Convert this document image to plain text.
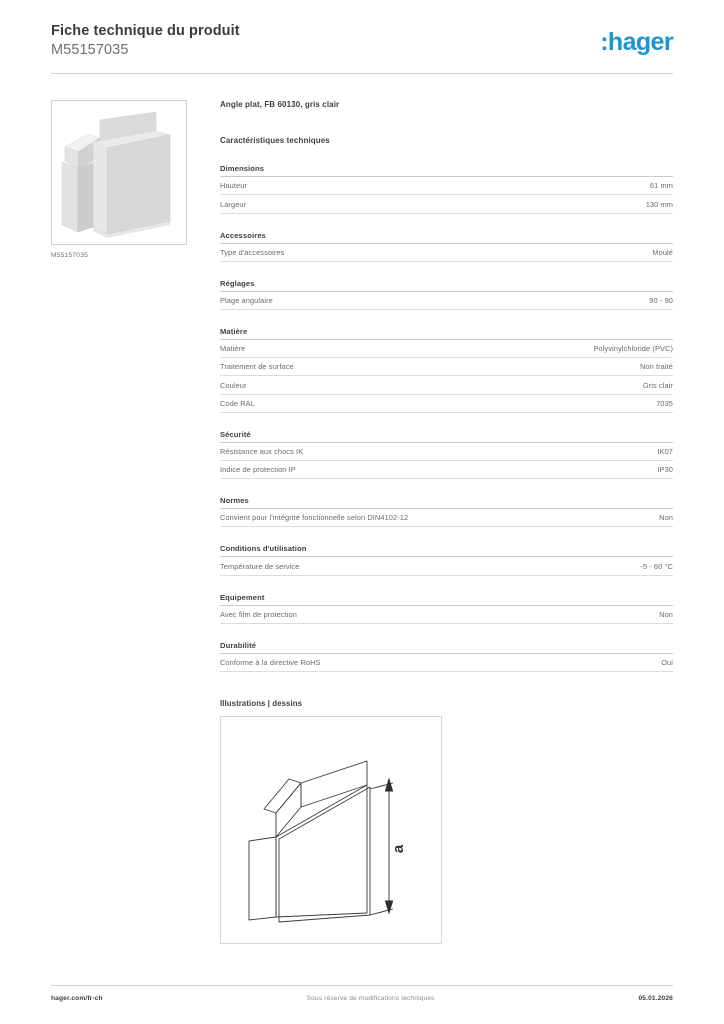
Fiche technique du produit
M55157035	:hager
M55157035
Angle plat, FB 60130, gris clair
Caractéristiques techniques
Dimensions
Hauteur	61 mm
Largeur	130 mm
Accessoires
Type d'accessoires	Moulé
Réglages
Plage angulaire	90 - 90
Matière
Matière	Polyvinylchloride (PVC)
Traitement de surface	Non traité
Couleur	Gris clair
Code RAL	7035
Sécurité
Résistance aux chocs IK	IK07
Indice de protection IP	IP30
Normes
Convient pour l'intégrité fonctionnelle selon DIN4102-12	Non
Conditions d'utilisation
Température de service	-5 - 60 °C
Equipement
Avec film de protection	Non
Durabilité
Conforme à la directive RoHS	Oui
Illustrations | dessins
a
hager.com/fr-ch	Sous réserve de modifications techniques	05.01.2026
